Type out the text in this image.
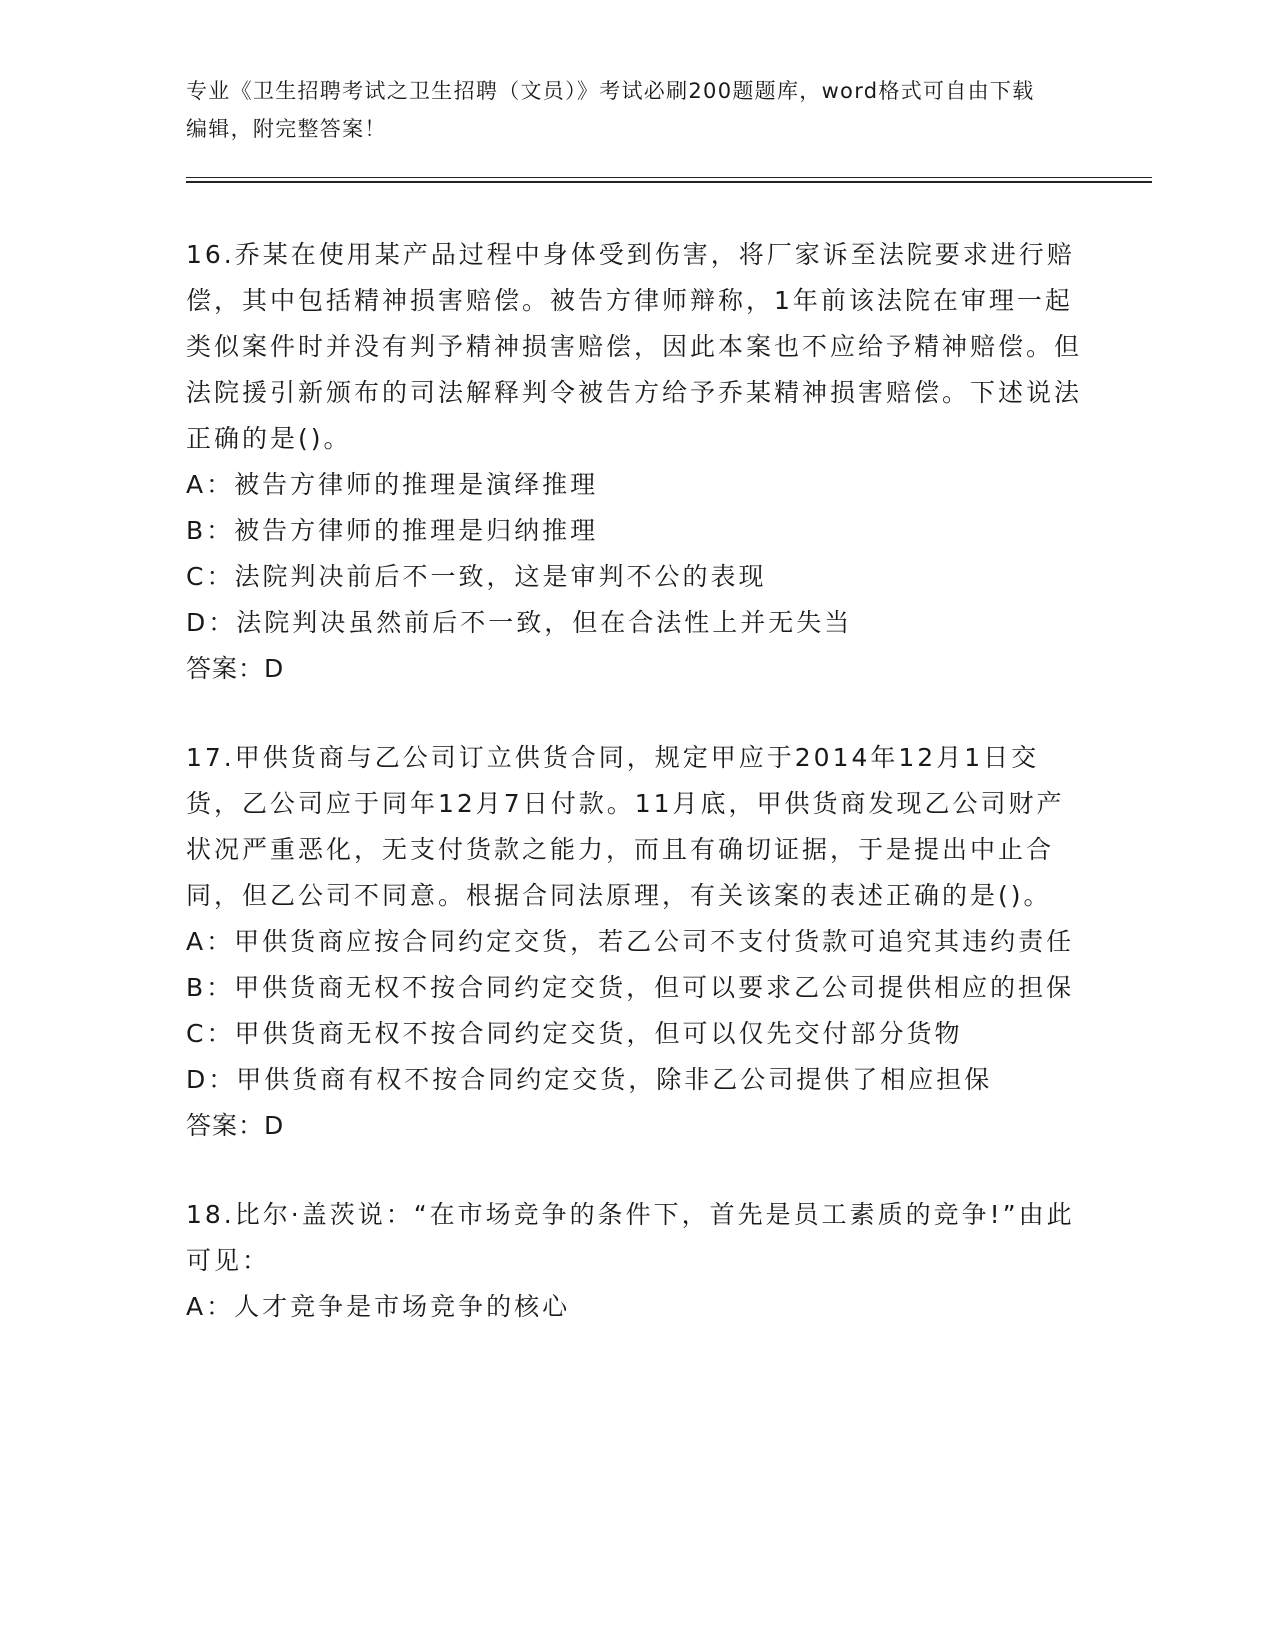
专业《卫生招聘考试之卫生招聘（文员）》考试必刷200题题库，word格式可自由下载编辑，附完整答案！
16.乔某在使用某产品过程中身体受到伤害，将厂家诉至法院要求进行赔偿，其中包括精神损害赔偿。被告方律师辩称，1年前该法院在审理一起类似案件时并没有判予精神损害赔偿，因此本案也不应给予精神赔偿。但法院援引新颁布的司法解释判令被告方给予乔某精神损害赔偿。下述说法正确的是()。
A：被告方律师的推理是演绎推理
B：被告方律师的推理是归纳推理
C：法院判决前后不一致，这是审判不公的表现
D：法院判决虽然前后不一致，但在合法性上并无失当
答案：D
17.甲供货商与乙公司订立供货合同，规定甲应于2014年12月1日交货，乙公司应于同年12月7日付款。11月底，甲供货商发现乙公司财产状况严重恶化，无支付货款之能力，而且有确切证据，于是提出中止合同，但乙公司不同意。根据合同法原理，有关该案的表述正确的是()。
A：甲供货商应按合同约定交货，若乙公司不支付货款可追究其违约责任
B：甲供货商无权不按合同约定交货，但可以要求乙公司提供相应的担保
C：甲供货商无权不按合同约定交货，但可以仅先交付部分货物
D：甲供货商有权不按合同约定交货，除非乙公司提供了相应担保
答案：D
18.比尔·盖茨说：“在市场竞争的条件下，首先是员工素质的竞争!”由此可见：
A：人才竞争是市场竞争的核心
